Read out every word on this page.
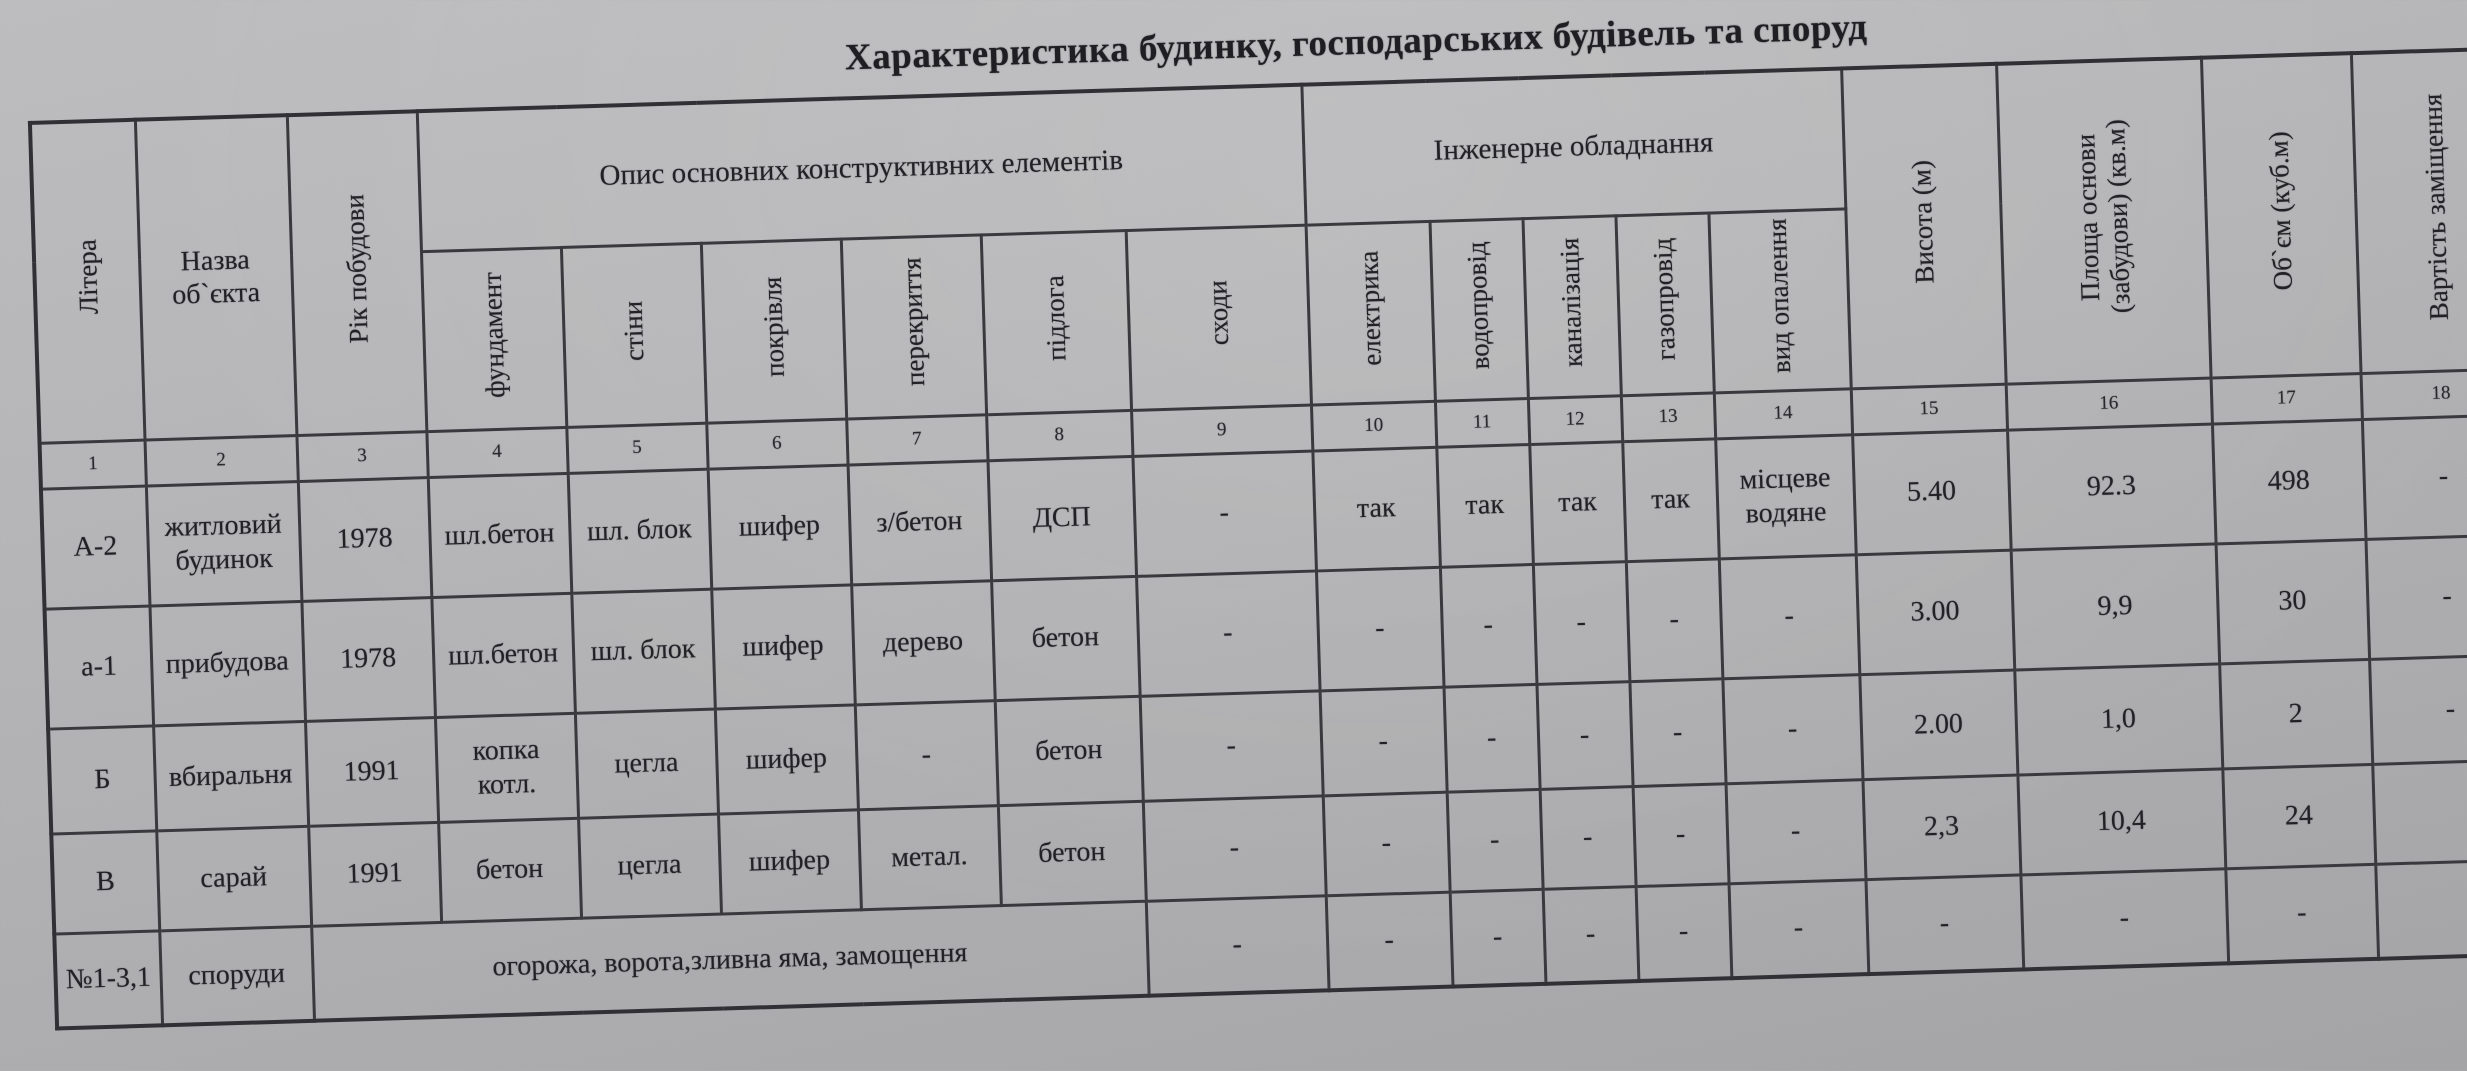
Характеристика будинку, господарських будівель та споруд
Літера	Назва
об`єкта	Рік побудови	Опис основних конструктивних елементів						Інженерне обладнання					Висота (м)	Площа основи
(забудови) (кв.м)	Об`єм (куб.м)	Вартість заміщення
			фундамент	стіни	покрівля	перекриття	підлога	сходи	електрика	водопровід	каналізація	газопровід	вид опалення				
1	2	3	4	5	6	7	8	9	10	11	12	13	14	15	16	17	18
А-2	житловий будинок	1978	шл.бетон	шл. блок	шифер	з/бетон	ДСП	-	так	так	так	так	місцеве водяне	5.40	92.3	498	-
а-1	прибудова	1978	шл.бетон	шл. блок	шифер	дерево	бетон	-	-	-	-	-	-	3.00	9,9	30	-
Б	вбиральня	1991	копка котл.	цегла	шифер	-	бетон	-	-	-	-	-	-	2.00	1,0	2	-
В	сарай	1991	бетон	цегла	шифер	метал.	бетон	-	-	-	-	-	-	2,3	10,4	24	
№1-3,1	споруди	огорожа, ворота,зливна яма, замощення						-	-	-	-	-	-	-	-	-	
